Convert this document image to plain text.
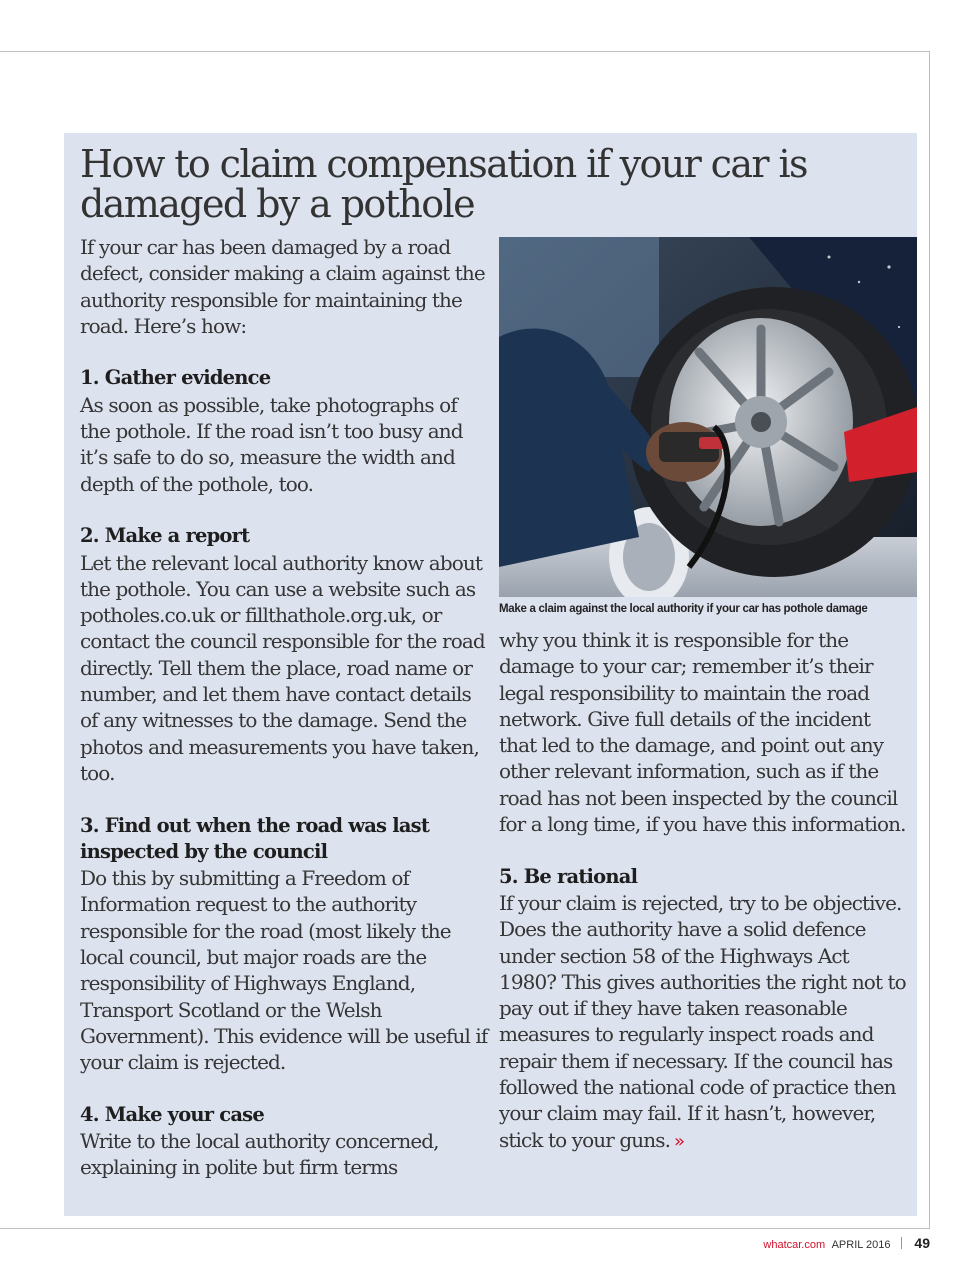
How to claim compensation if your car is damaged by a pothole

If your car has been damaged by a road defect, consider making a claim against the authority responsible for maintaining the road. Here’s how:

1. Gather evidence

As soon as possible, take photographs of the pothole. If the road isn’t too busy and it’s safe to do so, measure the width and depth of the pothole, too.

2. Make a report

Let the relevant local authority know about the pothole. You can use a website such as potholes.co.uk or fillthathole.org.uk, or contact the council responsible for the road directly. Tell them the place, road name or number, and let them have contact details of any witnesses to the damage. Send the photos and measurements you have taken, too.

3. Find out when the road was last inspected by the council

Do this by submitting a Freedom of Information request to the authority responsible for the road (most likely the local council, but major roads are the responsibility of Highways England, Transport Scotland or the Welsh Government). This evidence will be useful if your claim is rejected.

4. Make your case

Write to the local authority concerned, explaining in polite but firm terms

Make a claim against the local authority if your car has pothole damage

why you think it is responsible for the damage to your car; remember it’s their legal responsibility to maintain the road network. Give full details of the incident that led to the damage, and point out any other relevant information, such as if the road has not been inspected by the council for a long time, if you have this information.

5. Be rational

If your claim is rejected, try to be objective. Does the authority have a solid defence under section 58 of the Highways Act 1980? This gives authorities the right not to pay out if they have taken reasonable measures to regularly inspect roads and repair them if necessary. If the council has followed the national code of practice then your claim may fail. If it hasn’t, however, stick to your guns. »

whatcar.com APRIL 2016 49
